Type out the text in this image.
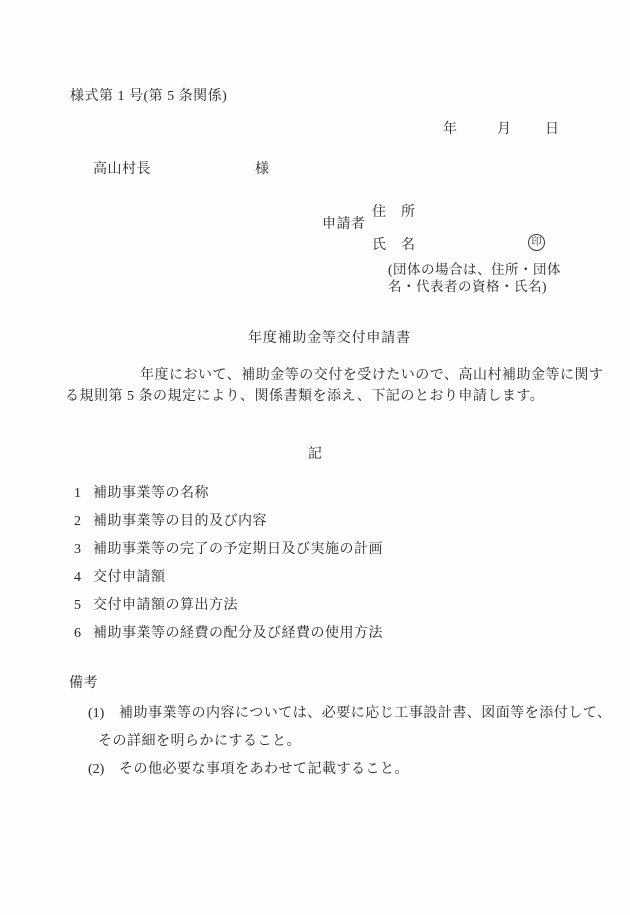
様式第 1 号(第 5 条関係)
年	月 日
高山村長	様
申請者
住　所
氏　名	印
(団体の場合は、住所・団体
名・代表者の資格・氏名)
年度補助金等交付申請書
年度において、補助金等の交付を受けたいので、高山村補助金等に関す
る規則第 5 条の規定により、関係書類を添え、下記のとおり申請します。
記
1 補助事業等の名称
2 補助事業等の目的及び内容
3 補助事業等の完了の予定期日及び実施の計画
4 交付申請額
5 交付申請額の算出方法
6 補助事業等の経費の配分及び経費の使用方法
備考
(1) 補助事業等の内容については、必要に応じ工事設計書、図面等を添付して、
その詳細を明らかにすること。
(2) その他必要な事項をあわせて記載すること。
